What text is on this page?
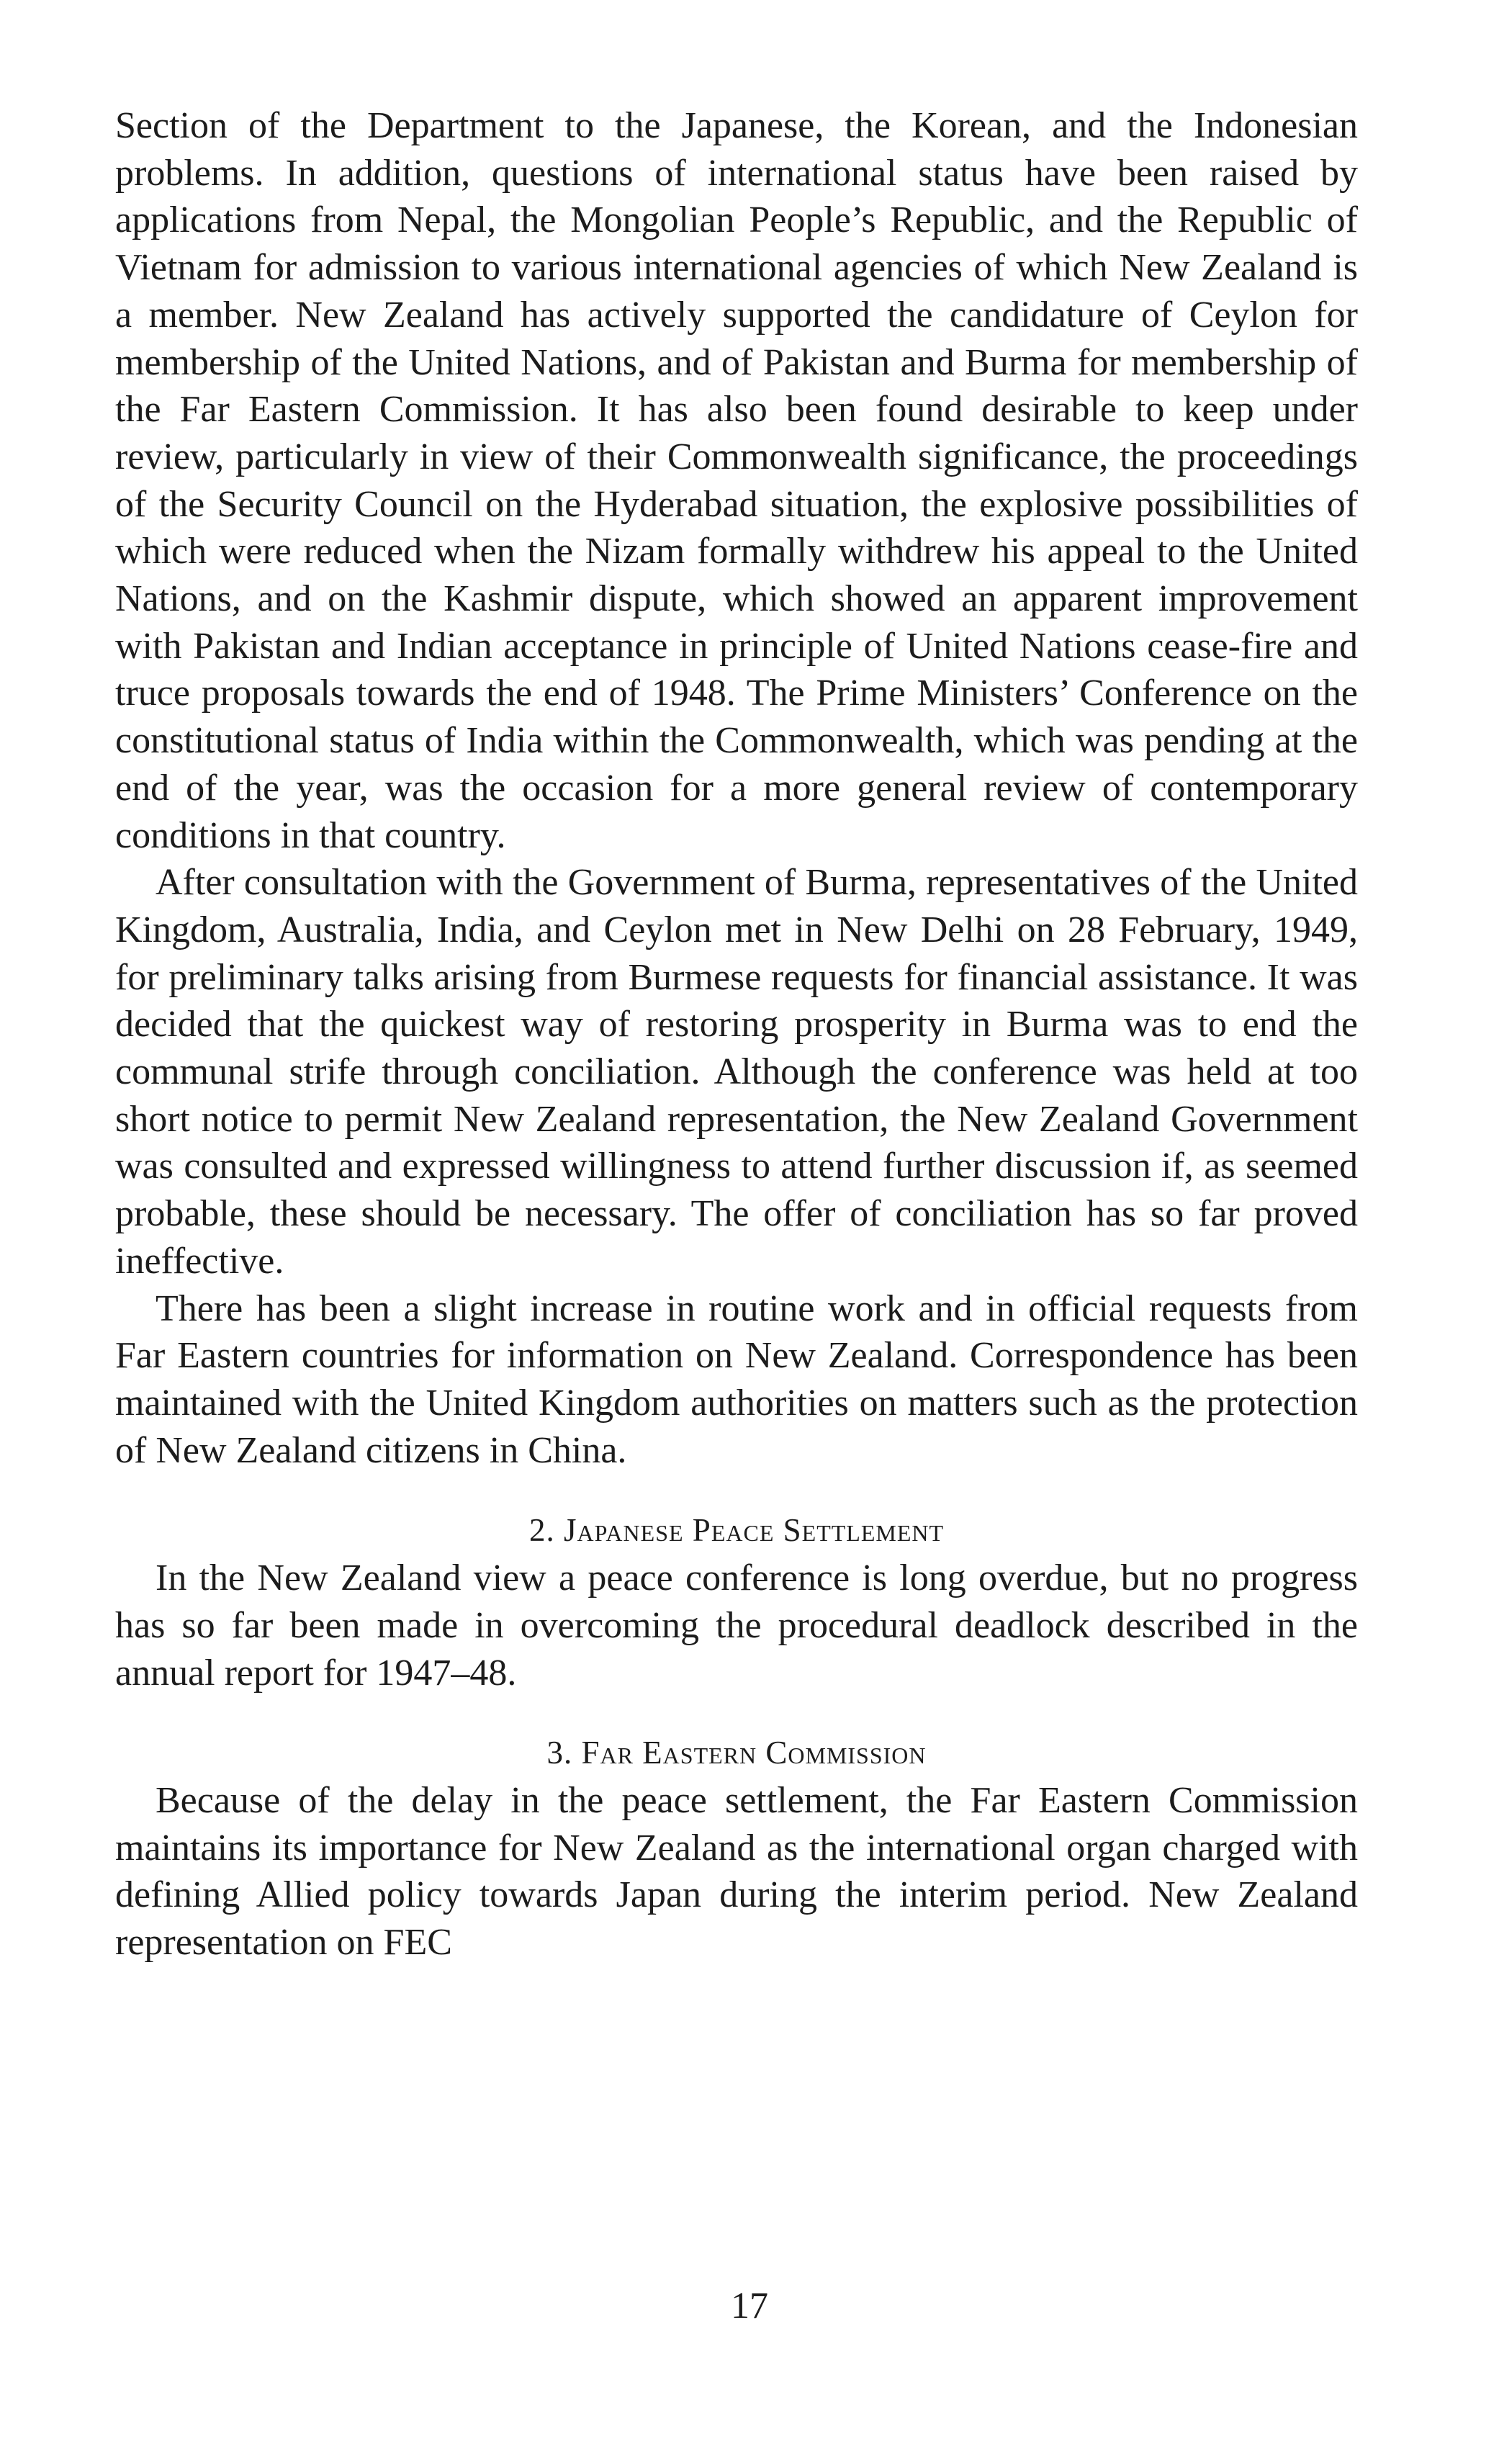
Section of the Department to the Japanese, the Korean, and the Indonesian problems. In addition, questions of international status have been raised by applications from Nepal, the Mongolian People’s Republic, and the Republic of Vietnam for admission to various international agencies of which New Zealand is a member. New Zealand has actively supported the candidature of Ceylon for membership of the United Nations, and of Pakistan and Burma for membership of the Far Eastern Commission. It has also been found desirable to keep under review, particularly in view of their Commonwealth significance, the proceedings of the Security Council on the Hyderabad situation, the explosive possibilities of which were reduced when the Nizam formally withdrew his appeal to the United Nations, and on the Kashmir dispute, which showed an apparent improvement with Pakistan and Indian acceptance in principle of United Nations cease-fire and truce proposals towards the end of 1948. The Prime Ministers’ Conference on the constitutional status of India within the Commonwealth, which was pending at the end of the year, was the occasion for a more general review of contemporary conditions in that country.

After consultation with the Government of Burma, representatives of the United Kingdom, Australia, India, and Ceylon met in New Delhi on 28 February, 1949, for preliminary talks arising from Burmese requests for financial assistance. It was decided that the quickest way of restoring prosperity in Burma was to end the communal strife through conciliation. Although the conference was held at too short notice to permit New Zealand representation, the New Zealand Government was consulted and expressed willingness to attend further discussion if, as seemed probable, these should be necessary. The offer of conciliation has so far proved ineffective.

There has been a slight increase in routine work and in official requests from Far Eastern countries for information on New Zealand. Correspondence has been maintained with the United Kingdom authorities on matters such as the protection of New Zealand citizens in China.

2. Japanese Peace Settlement

In the New Zealand view a peace conference is long overdue, but no progress has so far been made in overcoming the procedural deadlock described in the annual report for 1947–48.

3. Far Eastern Commission

Because of the delay in the peace settlement, the Far Eastern Commission maintains its importance for New Zealand as the international organ charged with defining Allied policy towards Japan during the interim period. New Zealand representation on FEC

17
